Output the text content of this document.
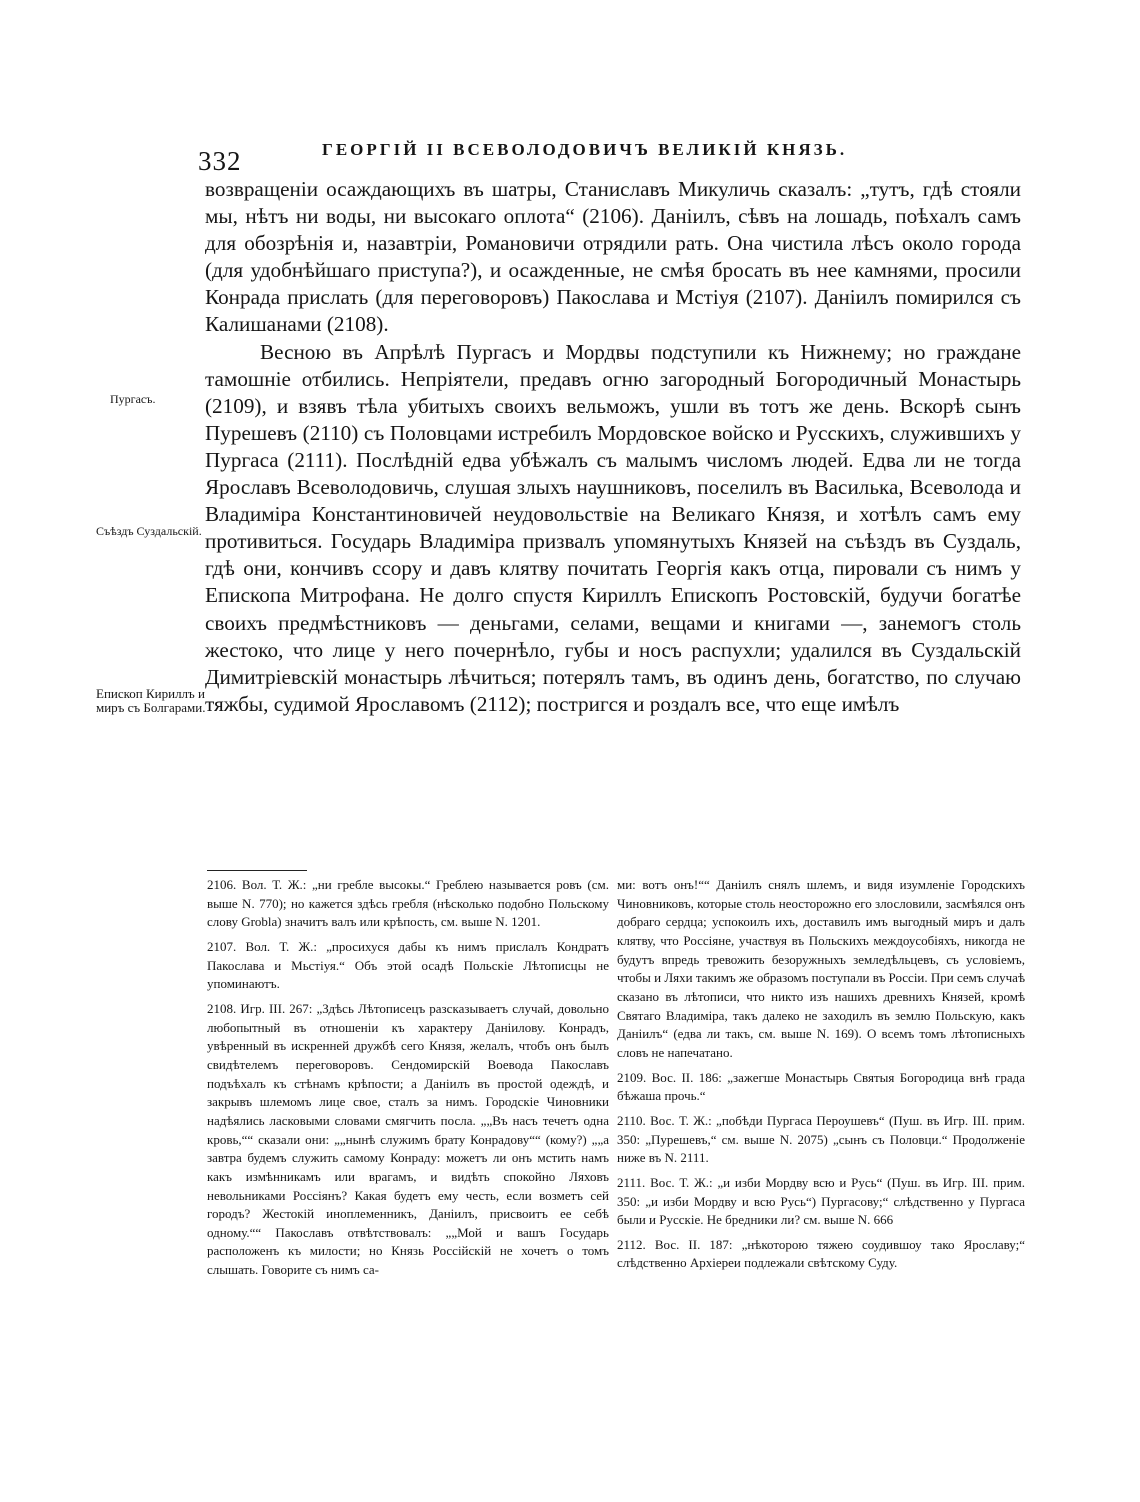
332	ГЕОРГІЙ II ВСЕВОЛОДОВИЧЪ ВЕЛИКІЙ КНЯЗЬ.

возвращеніи осаждающихъ въ шатры, Станиславъ Микуличь сказалъ: „тутъ, гдѣ стояли мы, нѣтъ ни воды, ни высокаго оплота“ (2106). Даніилъ, сѣвъ на лошадь, поѣхалъ самъ для обозрѣнія и, назавтріи, Романовичи отрядили рать. Она чистила лѣсъ около города (для удобнѣйшаго приступа?), и осажденные, не смѣя бросать въ нее камнями, просили Конрада прислать (для переговоровъ) Пакослава и Мстіуя (2107). Даніилъ помирился съ Калишанами (2108).

Весною въ Апрѣлѣ Пургасъ и Мордвы подступили къ Нижнему; но граждане тамошніе отбились. Непріятели, предавъ огню загородный Богородичный Монастырь (2109), и взявъ тѣла убитыхъ своихъ вельможъ, ушли въ тотъ же день. Вскорѣ сынъ Пурешевъ (2110) съ Половцами истребилъ Мордовское войско и Русскихъ, служившихъ у Пургаса (2111). Послѣдній едва убѣжалъ съ малымъ числомъ людей. Едва ли не тогда Ярославъ Всеволодовичь, слушая злыхъ наушниковъ, поселилъ въ Василька, Всеволода и Владиміра Константиновичей неудовольствіе на Великаго Князя, и хотѣлъ самъ ему противиться. Государь Владиміра призвалъ упомянутыхъ Князей на съѣздъ въ Суздаль, гдѣ они, кончивъ ссору и давъ клятву почитать Георгія какъ отца, пировали съ нимъ у Епископа Митрофана. Не долго спустя Кириллъ Епископъ Ростовскій, будучи богатѣе своихъ предмѣстниковъ — деньгами, селами, вещами и книгами —, занемогъ столь жестоко, что лице у него почернѣло, губы и носъ распухли; удалился въ Суздальскій Димитріевскій монастырь лѣчиться; потерялъ тамъ, въ одинъ день, богатство, по случаю тяжбы, судимой Ярославомъ (2112); постригся и роздалъ все, что еще имѣлъ

Пургасъ.
Съѣздъ Суздальскій.
Епископ Кириллъ и миръ съ Болгарами.

2106. Вол. Т. Ж.: „ни гребле высокы.“ Греблею называется ровъ (см. выше N. 770); но кажется здѣсь гребля (нѣсколько подобно Польскому слову Grobla) значитъ валъ или крѣпость, см. выше N. 1201.

2107. Вол. Т. Ж.: „просихуся дабы къ нимъ прислалъ Кондратъ Пакослава и Мьстіуя.“ Объ этой осадѣ Польскіе Лѣтописцы не упоминаютъ.

2108. Игр. III. 267: „Здѣсь Лѣтописецъ разсказываетъ случай, довольно любопытный въ отношеніи къ характеру Даніилову. Конрадъ, увѣренный въ искренней дружбѣ сего Князя, желалъ, чтобъ онъ былъ свидѣтелемъ переговоровъ. Сендомирскій Воевода Пакославъ подъѣхалъ къ стѣнамъ крѣпости; а Даніилъ въ простой одеждѣ, и закрывъ шлемомъ лице свое, сталъ за нимъ. Городскіе Чиновники надѣялись ласковыми словами смягчить посла. „„Въ насъ течетъ одна кровь,““ сказали они: „„нынѣ служимъ брату Конрадову““ (кому?) „„а завтра будемъ служить самому Конраду: можетъ ли онъ мстить намъ какъ измѣнникамъ или врагамъ, и видѣть спокойно Ляховъ невольниками Россіянъ? Какая будетъ ему честь, если возметъ сей городъ? Жестокій иноплеменникъ, Даніилъ, присвоитъ ее себѣ одному.““ Пакославъ отвѣтствовалъ: „„Мой и вашъ Государь расположенъ къ милости; но Князь Россійскій не хочетъ о томъ слышать. Говорите съ нимъ са-

ми: вотъ онъ!““ Даніилъ снялъ шлемъ, и видя изумленіе Городскихъ Чиновниковъ, которые столь неосторожно его злословили, засмѣялся онъ добраго сердца; успокоилъ ихъ, доставилъ имъ выгодный миръ и далъ клятву, что Россіяне, участвуя въ Польскихъ междоусобіяхъ, никогда не будутъ впредь тревожить безоружныхъ земледѣльцевъ, съ условіемъ, чтобы и Ляхи такимъ же образомъ поступали въ Россіи. При семъ случаѣ сказано въ лѣтописи, что никто изъ нашихъ древнихъ Князей, кромѣ Святаго Владиміра, такъ далеко не заходилъ въ землю Польскую, какъ Даніилъ“ (едва ли такъ, см. выше N. 169). О всемъ томъ лѣтописныхъ словъ не напечатано.

2109. Вос. II. 186: „зажегше Монастырь Святыя Богородица внѣ града бѣжаша прочь.“

2110. Вос. Т. Ж.: „побѣди Пургаса Пероушевъ“ (Пуш. въ Игр. III. прим. 350: „Пурешевъ,“ см. выше N. 2075) „сынъ съ Половци.“ Продолженіе ниже въ N. 2111.

2111. Вос. Т. Ж.: „и изби Мордву всю и Русь“ (Пуш. въ Игр. III. прим. 350: „и изби Мордву и всю Русь“) Пургасову;“ слѣдственно у Пургаса были и Русскіе. Не бредники ли? см. выше N. 666

2112. Вос. II. 187: „нѣкоторою тяжею соудившоу тако Ярославу;“ слѣдственно Архіереи подлежали свѣтскому Суду.
